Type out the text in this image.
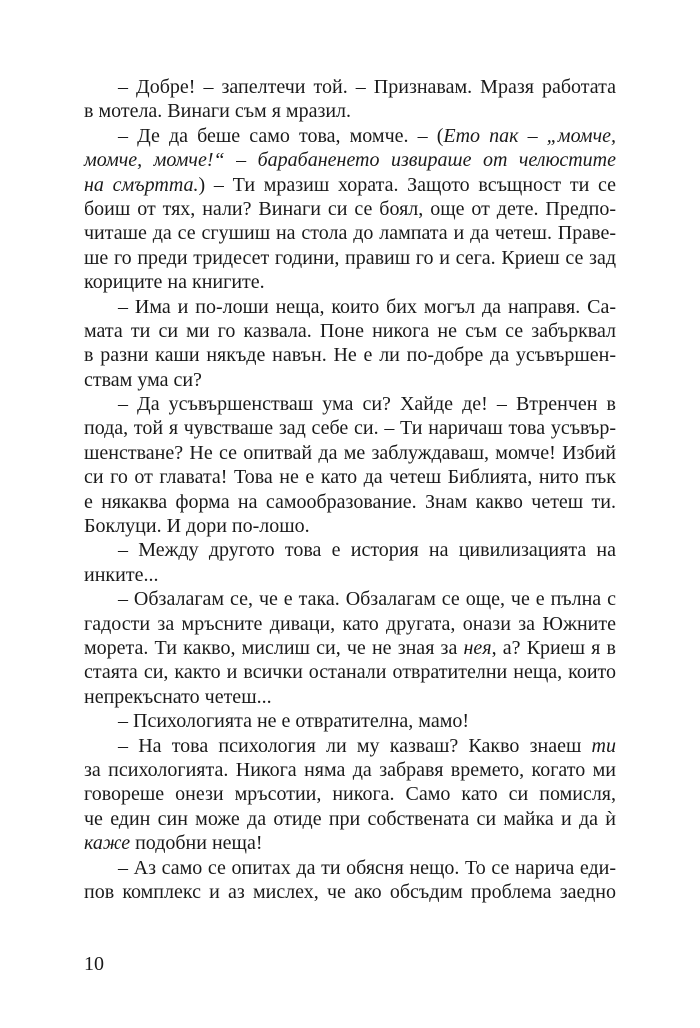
– Добре! – запелтечи той. – Признавам. Мразя работата
в мотела. Винаги съм я мразил.
– Де да беше само това, момче. – (Ето пак – „момче,
момче, момче!“ – барабаненето извираше от челюстите
на смъртта.) – Ти мразиш хората. Защото всъщност ти се
боиш от тях, нали? Винаги си се боял, още от дете. Предпо-
читаше да се сгушиш на стола до лампата и да четеш. Праве-
ше го преди тридесет години, правиш го и сега. Криеш се зад
кориците на книгите.
– Има и по-лоши неща, които бих могъл да направя. Са-
мата ти си ми го казвала. Поне никога не съм се забърквал
в разни каши някъде навън. Не е ли по-добре да усъвършен-
ствам ума си?
– Да усъвършенстваш ума си? Хайде де! – Втренчен в
пода, той я чувстваше зад себе си. – Ти наричаш това усъвър-
шенстване? Не се опитвай да ме заблуждаваш, момче! Избий
си го от главата! Това не е като да четеш Библията, нито пък
е някаква форма на самообразование. Знам какво четеш ти.
Боклуци. И дори по-лошо.
– Между другото това е история на цивилизацията на
инките...
– Обзалагам се, че е така. Обзалагам се още, че е пълна с
гадости за мръсните диваци, като другата, онази за Южните
морета. Ти какво, мислиш си, че не зная за нея, а? Криеш я в
стаята си, както и всички останали отвратителни неща, които
непрекъснато четеш...
– Психологията не е отвратителна, мамо!
– На това психология ли му казваш? Какво знаеш ти
за психологията. Никога няма да забравя времето, когато ми
говореше онези мръсотии, никога. Само като си помисля,
че един син може да отиде при собствената си майка и да ѝ
каже подобни неща!
– Аз само се опитах да ти обясня нещо. То се нарича еди-
пов комплекс и аз мислех, че ако обсъдим проблема заедно
10
